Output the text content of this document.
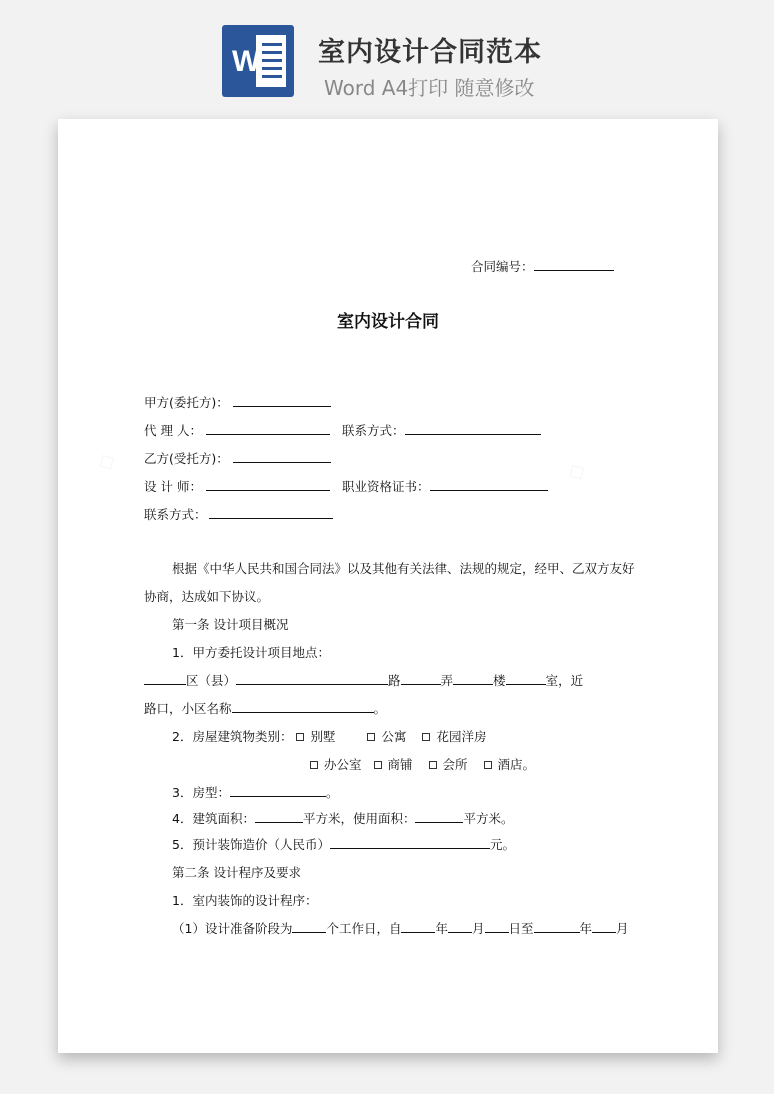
W 室内设计合同范本
Word A4打印 随意修改
合同编号：
室内设计合同
甲方(委托方)：
代 理 人：	联系方式：
乙方(受托方)：
设 计 师：	职业资格证书：
联系方式：
根据《中华人民共和国合同法》以及其他有关法律、法规的规定，经甲、乙双方友好
协商，达成如下协议。
第一条 设计项目概况
1．甲方委托设计项目地点：
区（县）	路	弄	楼	室，近
路口，小区名称	。
2．房屋建筑物类别： 别墅	公寓 花园洋房
办公室 商铺 会所 酒店。
3．房型：	。
4．建筑面积：	平方米，使用面积：	平方米。
5．预计装饰造价（人民币）	元。
第二条 设计程序及要求
1．室内装饰的设计程序：
（1）设计准备阶段为	个工作日，自	年 月 日至	年 月
